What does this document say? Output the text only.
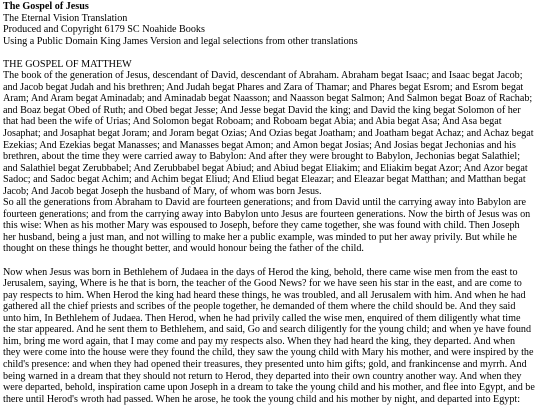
The Gospel of Jesus
The Eternal Vision Translation
Produced and Copyright 6179 SC Noahide Books
Using a Public Domain King James Version and legal selections from other translations
THE GOSPEL OF MATTHEW
The book of the generation of Jesus, descendant of David, descendant of Abraham. Abraham begat Isaac; and Isaac begat Jacob;
and Jacob begat Judah and his brethren; And Judah begat Phares and Zara of Thamar; and Phares begat Esrom; and Esrom begat
Aram; And Aram begat Aminadab; and Aminadab begat Naasson; and Naasson begat Salmon; And Salmon begat Boaz of Rachab;
and Boaz begat Obed of Ruth; and Obed begat Jesse; And Jesse begat David the king; and David the king begat Solomon of her
that had been the wife of Urias; And Solomon begat Roboam; and Roboam begat Abia; and Abia begat Asa; And Asa begat
Josaphat; and Josaphat begat Joram; and Joram begat Ozias; And Ozias begat Joatham; and Joatham begat Achaz; and Achaz begat
Ezekias; And Ezekias begat Manasses; and Manasses begat Amon; and Amon begat Josias; And Josias begat Jechonias and his
brethren, about the time they were carried away to Babylon: And after they were brought to Babylon, Jechonias begat Salathiel;
and Salathiel begat Zerubbabel; And Zerubbabel begat Abiud; and Abiud begat Eliakim; and Eliakim begat Azor; And Azor begat
Sadoc; and Sadoc begat Achim; and Achim begat Eliud; And Eliud begat Eleazar; and Eleazar begat Matthan; and Matthan begat
Jacob; And Jacob begat Joseph the husband of Mary, of whom was born Jesus.
So all the generations from Abraham to David are fourteen generations; and from David until the carrying away into Babylon are
fourteen generations; and from the carrying away into Babylon unto Jesus are fourteen generations. Now the birth of Jesus was on
this wise: When as his mother Mary was espoused to Joseph, before they came together, she was found with child. Then Joseph
her husband, being a just man, and not willing to make her a public example, was minded to put her away privily. But while he
thought on these things he thought better, and would honour being the father of the child.
Now when Jesus was born in Bethlehem of Judaea in the days of Herod the king, behold, there came wise men from the east to
Jerusalem, saying, Where is he that is born, the teacher of the Good News? for we have seen his star in the east, and are come to
pay respects to him. When Herod the king had heard these things, he was troubled, and all Jerusalem with him. And when he had
gathered all the chief priests and scribes of the people together, he demanded of them where the child should be. And they said
unto him, In Bethlehem of Judaea. Then Herod, when he had privily called the wise men, enquired of them diligently what time
the star appeared. And he sent them to Bethlehem, and said, Go and search diligently for the young child; and when ye have found
him, bring me word again, that I may come and pay my respects also. When they had heard the king, they departed. And when
they were come into the house were they found the child, they saw the young child with Mary his mother, and were inspired by the
child's presence: and when they had opened their treasures, they presented unto him gifts; gold, and frankincense and myrrh. And
being warned in a dream that they should not return to Herod, they departed into their own country another way. And when they
were departed, behold, inspiration came upon Joseph in a dream to take the young child and his mother, and flee into Egypt, and be
there until Herod's wroth had passed. When he arose, he took the young child and his mother by night, and departed into Egypt:
